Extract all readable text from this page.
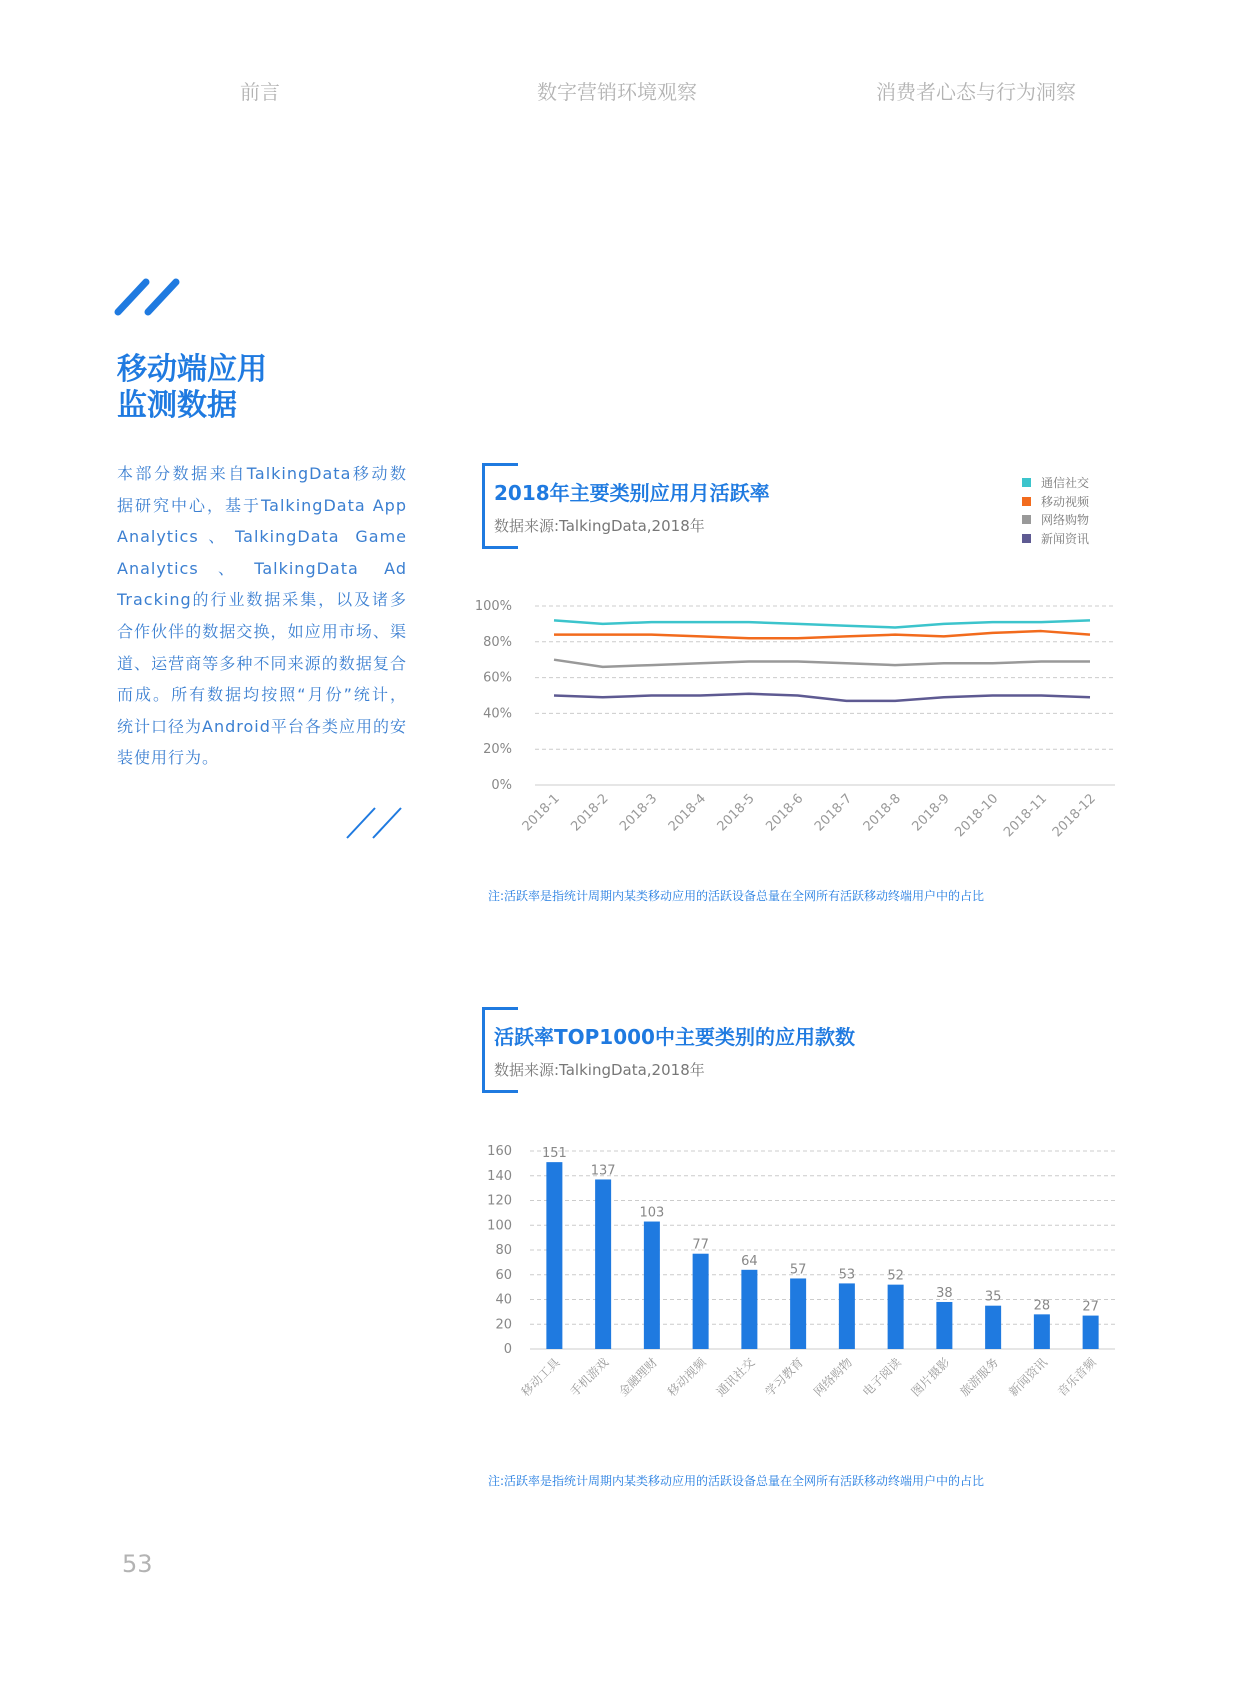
前言	数字营销环境观察	消费者心态与行为洞察
移动端应用
监测数据
本部分数据来自TalkingData移动数据研究中心，基于TalkingData App Analytics、TalkingData Game Analytics、TalkingData Ad Tracking的行业数据采集，以及诸多合作伙伴的数据交换，如应用市场、渠道、运营商等多种不同来源的数据复合而成。所有数据均按照“月份”统计，统计口径为Android平台各类应用的安装使用行为。
2018年主要类别应用月活跃率
数据来源:TalkingData,2018年
通信社交
移动视频
网络购物
新闻资讯
0%
20%
40%
60%
80%
100%
2018-1 2018-2 2018-3 2018-4 2018-5 2018-6 2018-7 2018-8 2018-9 2018-10 2018-11 2018-12
注:活跃率是指统计周期内某类移动应用的活跃设备总量在全网所有活跃移动终端用户中的占比
活跃率TOP1000中主要类别的应用款数
数据来源:TalkingData,2018年
0
20
40
60
80
100
120
140
160 151
移动工具
137
手机游戏
103
金融理财
77
移动视频
64
通讯社交
57
学习教育
53
网络购物
52
电子阅读
38
图片摄影
35
旅游服务
28
新闻资讯
27
音乐音频
注:活跃率是指统计周期内某类移动应用的活跃设备总量在全网所有活跃移动终端用户中的占比
53
